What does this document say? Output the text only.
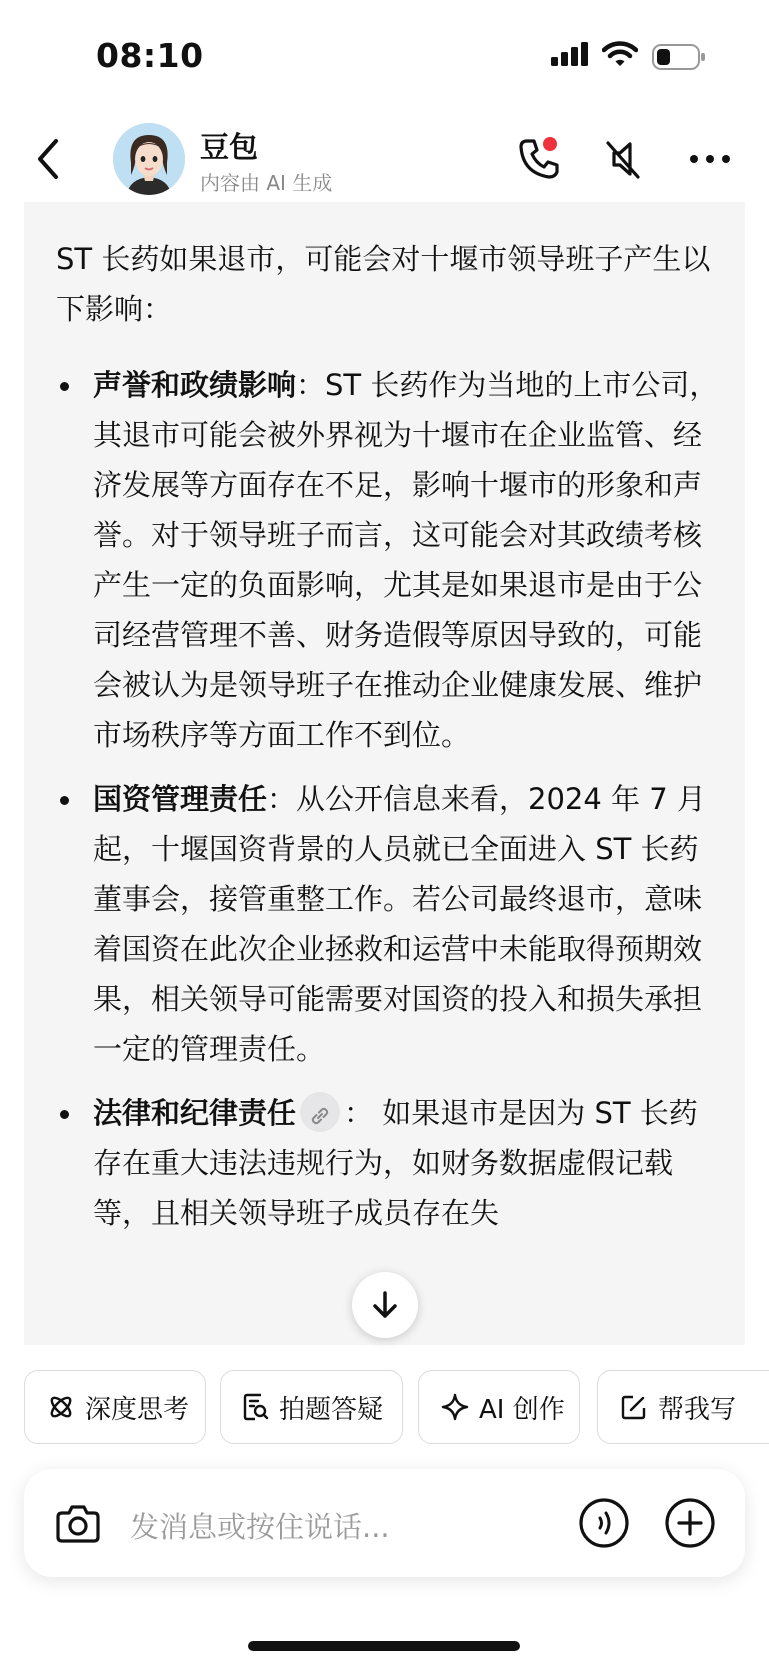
08:10
豆包
内容由 AI 生成
ST 长药如果退市，可能会对十堰市领导班子产生以下影响：
声誉和政绩影响：ST 长药作为当地的上市公司，其退市可能会被外界视为十堰市在企业监管、经济发展等方面存在不足，影响十堰市的形象和声誉。对于领导班子而言，这可能会对其政绩考核产生一定的负面影响，尤其是如果退市是由于公司经营管理不善、财务造假等原因导致的，可能会被认为是领导班子在推动企业健康发展、维护市场秩序等方面工作不到位。
国资管理责任：从公开信息来看，2024 年 7 月起，十堰国资背景的人员就已全面进入 ST 长药董事会，接管重整工作。若公司最终退市，意味着国资在此次企业拯救和运营中未能取得预期效果，相关领导可能需要对国资的投入和损失承担一定的管理责任。
法律和纪律责任 ： 如果退市是因为 ST 长药存在重大违法违规行为，如财务数据虚假记载等，且相关领导班子成员存在失
深度思考	拍题答疑	AI 创作	帮我写
发消息或按住说话...
